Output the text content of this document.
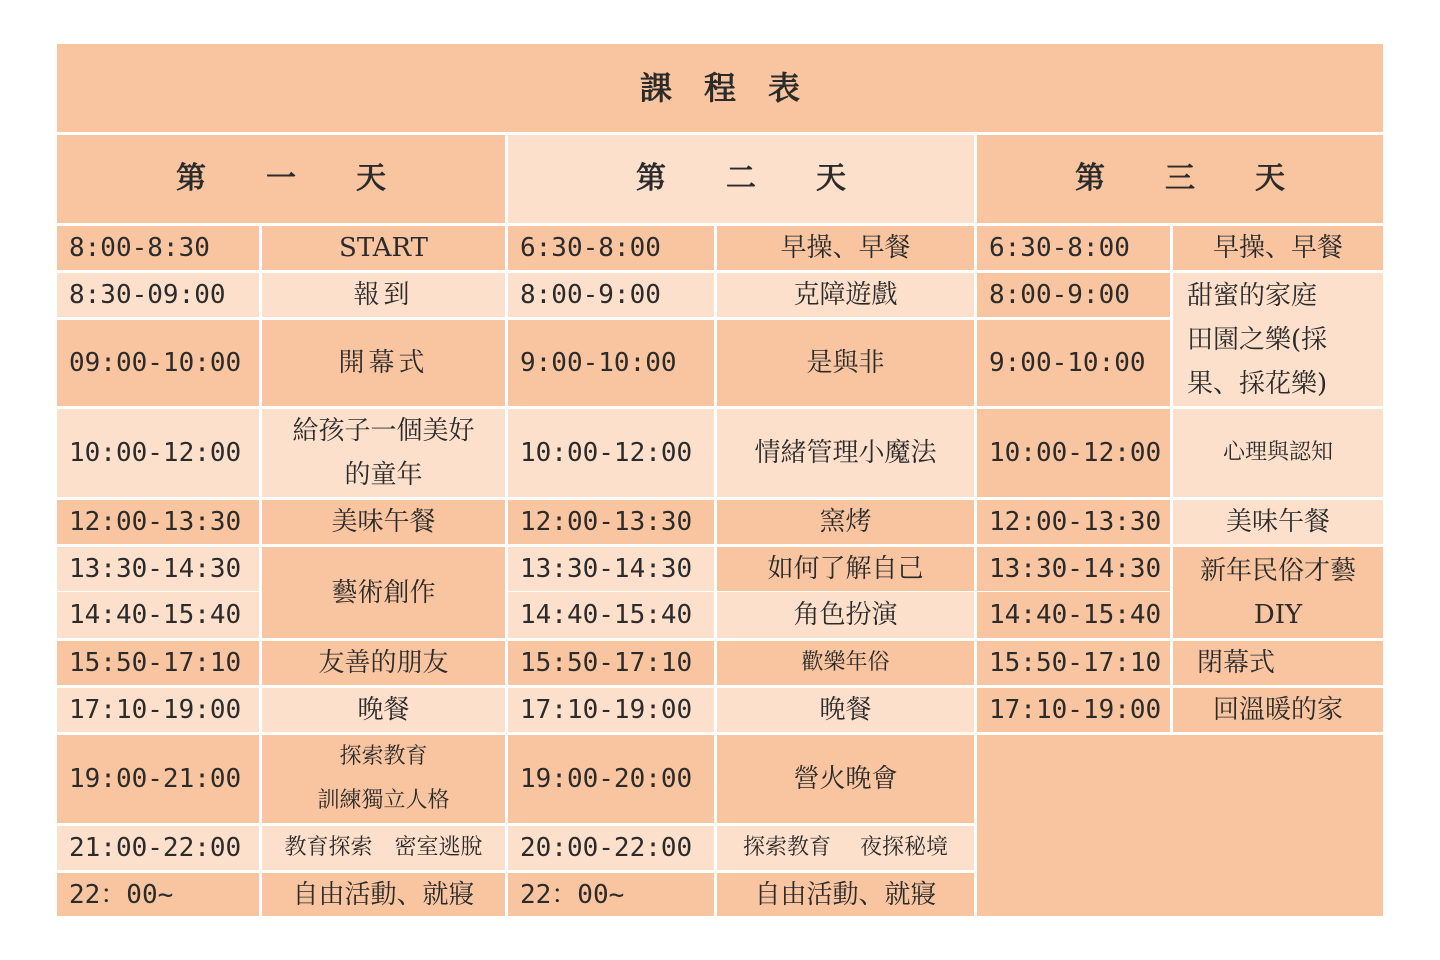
課　程　表
第　　一　　天	第　　二　　天	第　　三　　天
8:00-8:30
8:30-09:00
09:00-10:00
10:00-12:00
12:00-13:30
13:30-14:30
14:40-15:40
15:50-17:10
17:10-19:00
19:00-21:00
21:00-22:00
22：00~
START
報到
開幕式
給孩子一個美好
的童年
美味午餐
藝術創作
友善的朋友
晚餐
探索教育
訓練獨立人格
教育探索　密室逃脫
自由活動、就寢
6:30-8:00
8:00-9:00
9:00-10:00
10:00-12:00
12:00-13:30
13:30-14:30
14:40-15:40
15:50-17:10
17:10-19:00
19:00-20:00
20:00-22:00
22：00~
早操、早餐
克障遊戲
是與非
情緒管理小魔法
窯烤
如何了解自己
角色扮演
歡樂年俗
晚餐
營火晚會
探索教育　 夜探秘境
自由活動、就寢
6:30-8:00
8:00-9:00
9:00-10:00
10:00-12:00
12:00-13:30
13:30-14:30
14:40-15:40
15:50-17:10
17:10-19:00
早操、早餐
甜蜜的家庭
田園之樂(採
果、採花樂)
心理與認知
美味午餐
新年民俗才藝
DIY
閉幕式
回溫暖的家
